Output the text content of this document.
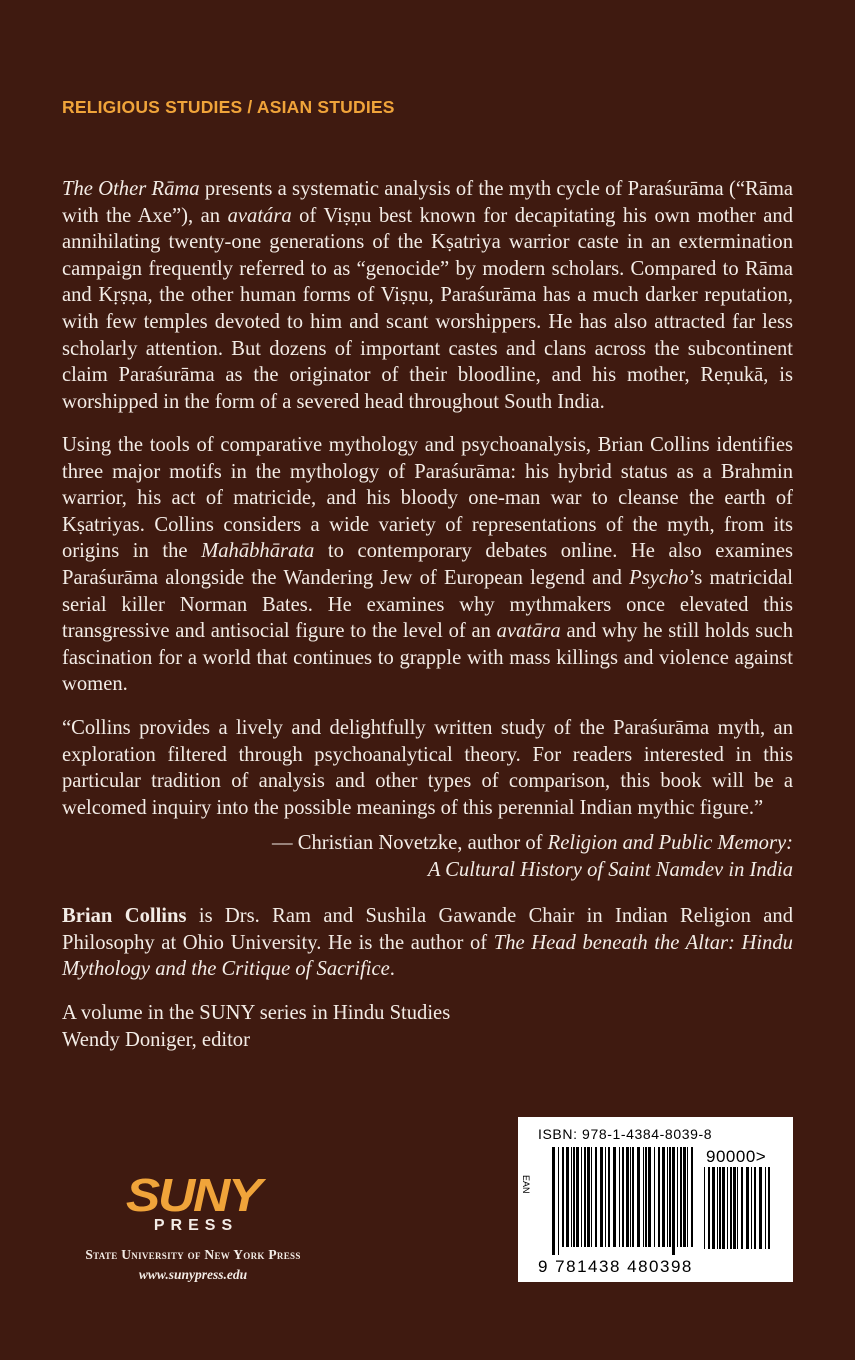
RELIGIOUS STUDIES / ASIAN STUDIES

The Other Rāma presents a systematic analysis of the myth cycle of Paraśurāma (“Rāma with the Axe”), an avatára of Viṣṇu best known for decapitating his own mother and annihilating twenty-one generations of the Kṣatriya warrior caste in an extermination campaign frequently referred to as “genocide” by modern scholars. Compared to Rāma and Kṛṣṇa, the other human forms of Viṣṇu, Paraśurāma has a much darker reputation, with few temples devoted to him and scant worshippers. He has also attracted far less scholarly attention. But dozens of important castes and clans across the subcontinent claim Paraśurāma as the originator of their bloodline, and his mother, Reṇukā, is worshipped in the form of a severed head throughout South India.

Using the tools of comparative mythology and psychoanalysis, Brian Collins identifies three major motifs in the mythology of Paraśurāma: his hybrid status as a Brahmin warrior, his act of matricide, and his bloody one-man war to cleanse the earth of Kṣatriyas. Collins considers a wide variety of representations of the myth, from its origins in the Mahābhārata to contemporary debates online. He also examines Paraśurāma alongside the Wandering Jew of European legend and Psycho’s matricidal serial killer Norman Bates. He examines why mythmakers once elevated this transgressive and antisocial figure to the level of an avatāra and why he still holds such fascination for a world that continues to grapple with mass killings and violence against women.

“Collins provides a lively and delightfully written study of the Paraśurāma myth, an exploration filtered through psychoanalytical theory. For readers interested in this particular tradition of analysis and other types of comparison, this book will be a welcomed inquiry into the possible meanings of this perennial Indian mythic figure.”

— Christian Novetzke, author of Religion and Public Memory:
A Cultural History of Saint Namdev in India

Brian Collins is Drs. Ram and Sushila Gawande Chair in Indian Religion and Philosophy at Ohio University. He is the author of The Head beneath the Altar: Hindu Mythology and the Critique of Sacrifice.

A volume in the SUNY series in Hindu Studies
Wendy Doniger, editor

SUNY
PRESS
State University of New York Press
www.sunypress.edu
ISBN: 978-1-4384-8039-8
EAN
90000>
9 781438 480398
